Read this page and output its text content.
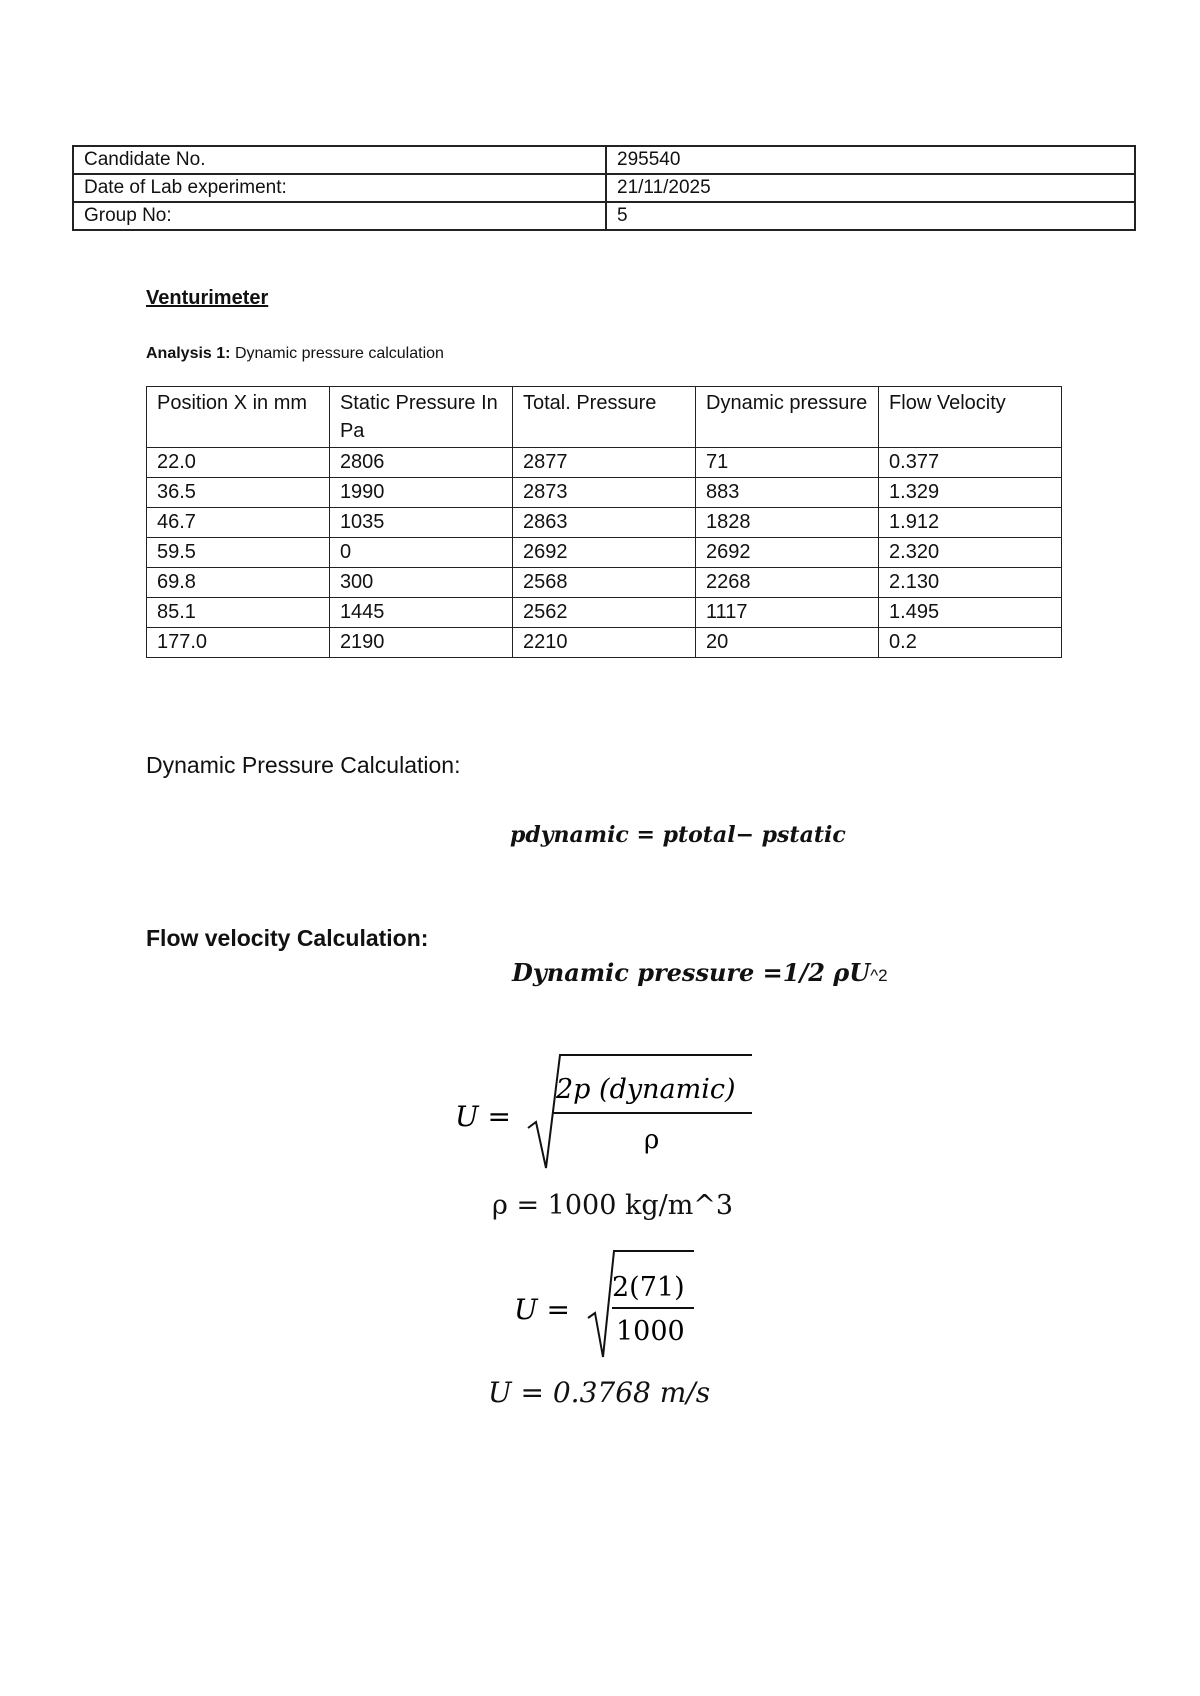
Candidate No.	295540
Date of Lab experiment:	21/11/2025
Group No:	5
Venturimeter
Analysis 1: Dynamic pressure calculation
Position X in mm	Static Pressure In Pa	Total. Pressure	Dynamic pressure	Flow Velocity
22.0	2806	2877	71	0.377
36.5	1990	2873	883	1.329
46.7	1035	2863	1828	1.912
59.5	0	2692	2692	2.320
69.8	300	2568	2268	2.130
85.1	1445	2562	1117	1.495
177.0	2190	2210	20	0.2
Dynamic Pressure Calculation:
pdynamic = ptotal− pstatic
Flow velocity Calculation:
Dynamic pressure =1/2 ρU^2
U =
2p (dynamic)
ρ
U =
2(71)
1000
ρ = 1000 kg/m^3
U = 0.3768 m/s
